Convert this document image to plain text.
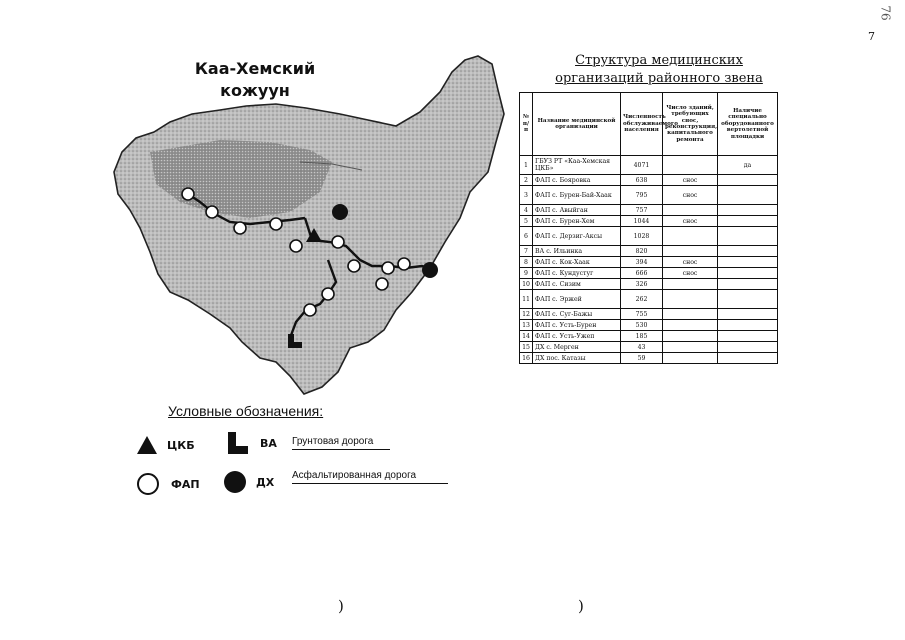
76
7
Каа-Хемский
кожуун
Условные обозначения:
ЦКБ	ВА
ФАП	ДХ
Грунтовая дорога
Асфальтированная дорога
Структура медицинских
организаций районного звена
№ п/п	Название медицинской организации	Численность обслуживаемого населения	Число зданий, требующих снос, реконструкция, капитального ремонта	Наличие специально оборудованного вертолетной площадки
1	ГБУЗ РТ «Каа-Хемская ЦКБ»	4071		да
2	ФАП с. Бояровка	638	снос	
3	ФАП с. Бурен-Бай-Хаак	795	снос	
4	ФАП с. Авыйган	757		
5	ФАП с. Бурен-Хем	1044	снос	
6	ФАП с. Дерзиг-Аксы	1028		
7	ВА с. Ильинка	820		
8	ФАП с. Кок-Хаак	394	снос	
9	ФАП с. Кундустуг	666	снос	
10	ФАП с. Сизим	326		
11	ФАП с. Эржей	262		
12	ФАП с. Суг-Бажы	755		
13	ФАП с. Усть-Бурен	530		
14	ФАП с. Усть-Ужеп	185		
15	ДХ с. Мерген	43		
16	ДХ пос. Катазы	59		
)	)
